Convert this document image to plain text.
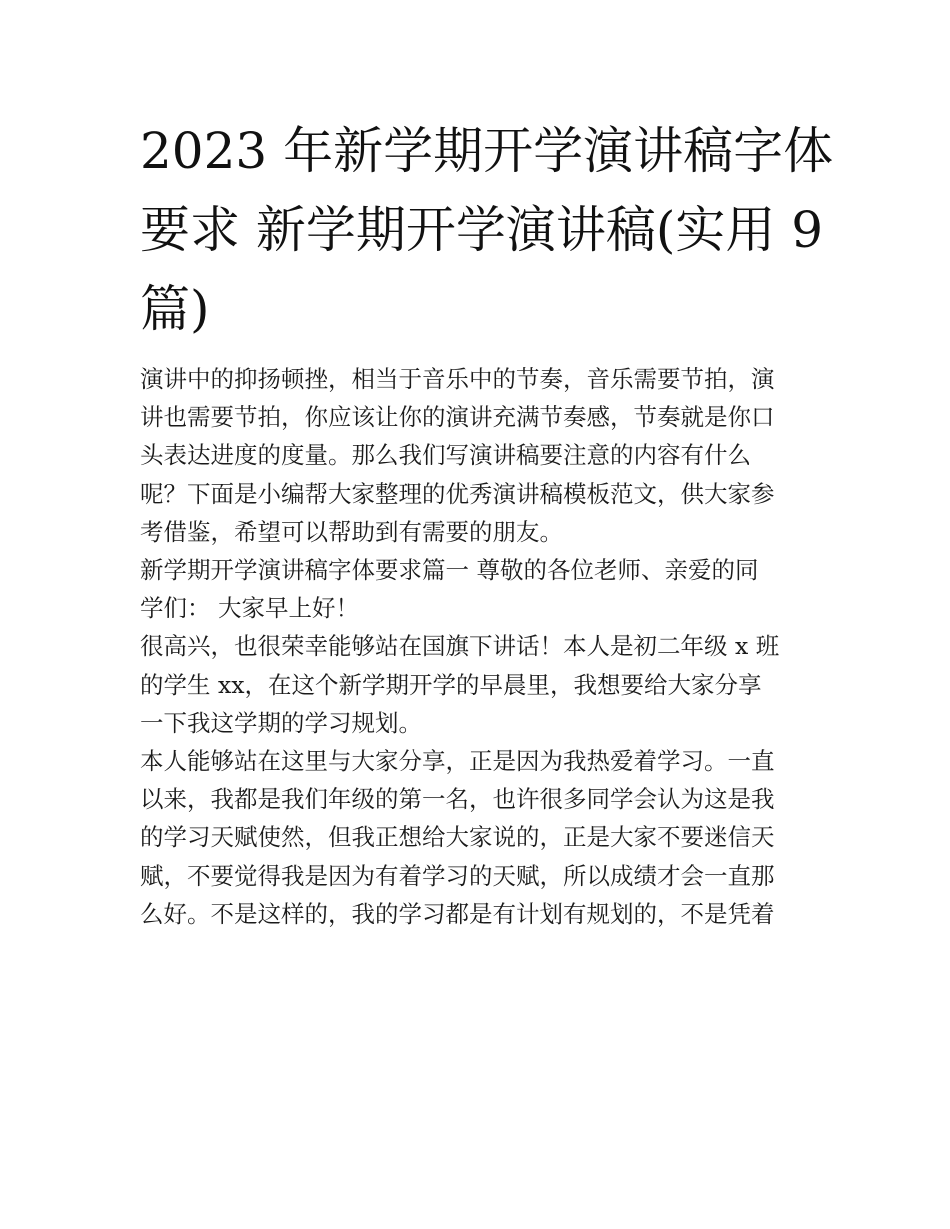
2023 年新学期开学演讲稿字体
要求 新学期开学演讲稿(实用 9
篇)

演讲中的抑扬顿挫，相当于音乐中的节奏，音乐需要节拍，演
讲也需要节拍，你应该让你的演讲充满节奏感，节奏就是你口
头表达进度的度量。那么我们写演讲稿要注意的内容有什么
呢？下面是小编帮大家整理的优秀演讲稿模板范文，供大家参
考借鉴，希望可以帮助到有需要的朋友。

新学期开学演讲稿字体要求篇一 尊敬的各位老师、亲爱的同
学们： 大家早上好！

很高兴，也很荣幸能够站在国旗下讲话！本人是初二年级 x 班
的学生 xx，在这个新学期开学的早晨里，我想要给大家分享
一下我这学期的学习规划。

本人能够站在这里与大家分享，正是因为我热爱着学习。一直
以来，我都是我们年级的第一名，也许很多同学会认为这是我
的学习天赋使然，但我正想给大家说的，正是大家不要迷信天
赋，不要觉得我是因为有着学习的天赋，所以成绩才会一直那
么好。不是这样的，我的学习都是有计划有规划的，不是凭着
